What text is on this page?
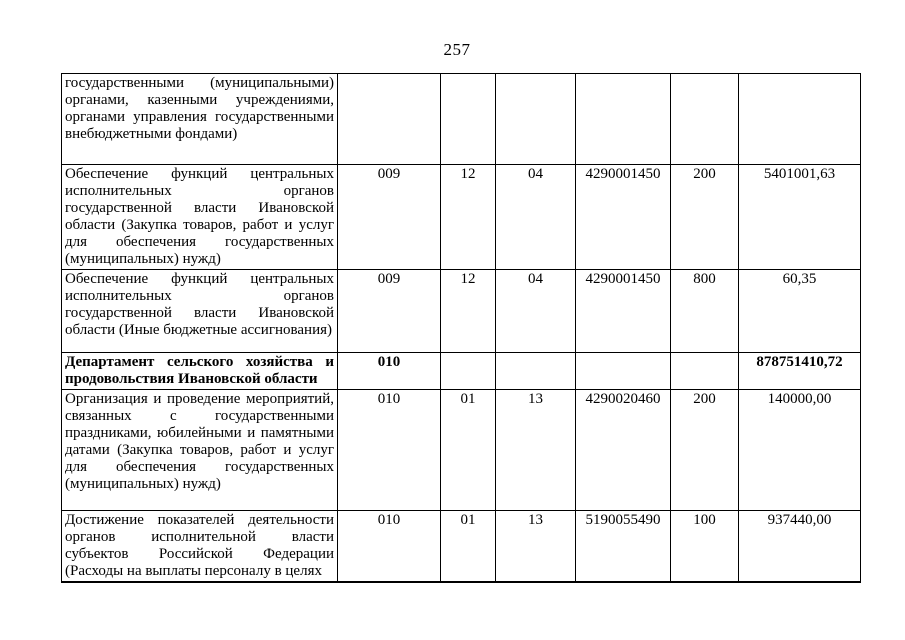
257
государственными (муниципальными) органами, казенными учреждениями, органами управления государственными внебюджетными фондами)						
Обеспечение функций центральных исполнительных органов государственной власти Ивановской области (Закупка товаров, работ и услуг для обеспечения государственных (муниципальных) нужд)	009	12	04	4290001450	200	5401001,63
Обеспечение функций центральных исполнительных органов государственной власти Ивановской области (Иные бюджетные ассигнования)	009	12	04	4290001450	800	60,35
Департамент сельского хозяйства и продовольствия Ивановской области	010					878751410,72
Организация и проведение мероприятий, связанных с государственными праздниками, юбилейными и памятными датами (Закупка товаров, работ и услуг для обеспечения государственных (муниципальных) нужд)	010	01	13	4290020460	200	140000,00
Достижение показателей деятельности органов исполнительной власти субъектов Российской Федерации (Расходы на выплаты персоналу в целях	010	01	13	5190055490	100	937440,00
